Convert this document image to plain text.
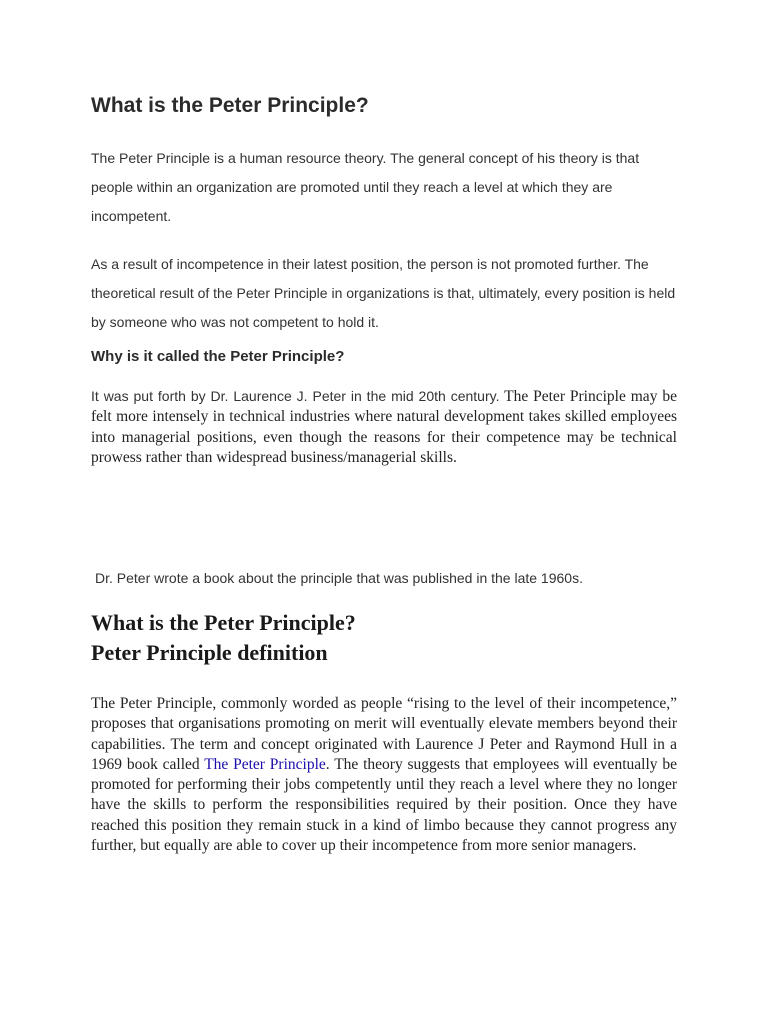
What is the Peter Principle?

The Peter Principle is a human resource theory. The general concept of his theory is that people within an organization are promoted until they reach a level at which they are incompetent.

As a result of incompetence in their latest position, the person is not promoted further. The theoretical result of the Peter Principle in organizations is that, ultimately, every position is held by someone who was not competent to hold it.

Why is it called the Peter Principle?

It was put forth by Dr. Laurence J. Peter in the mid 20th century. The Peter Principle may be felt more intensely in technical industries where natural development takes skilled employees into managerial positions, even though the reasons for their competence may be technical prowess rather than widespread business/managerial skills.

Dr. Peter wrote a book about the principle that was published in the late 1960s.

What is the Peter Principle?
Peter Principle definition

The Peter Principle, commonly worded as people “rising to the level of their incompetence,” proposes that organisations promoting on merit will eventually elevate members beyond their capabilities. The term and concept originated with Laurence J Peter and Raymond Hull in a 1969 book called The Peter Principle. The theory suggests that employees will eventually be promoted for performing their jobs competently until they reach a level where they no longer have the skills to perform the responsibilities required by their position. Once they have reached this position they remain stuck in a kind of limbo because they cannot progress any further, but equally are able to cover up their incompetence from more senior managers.
